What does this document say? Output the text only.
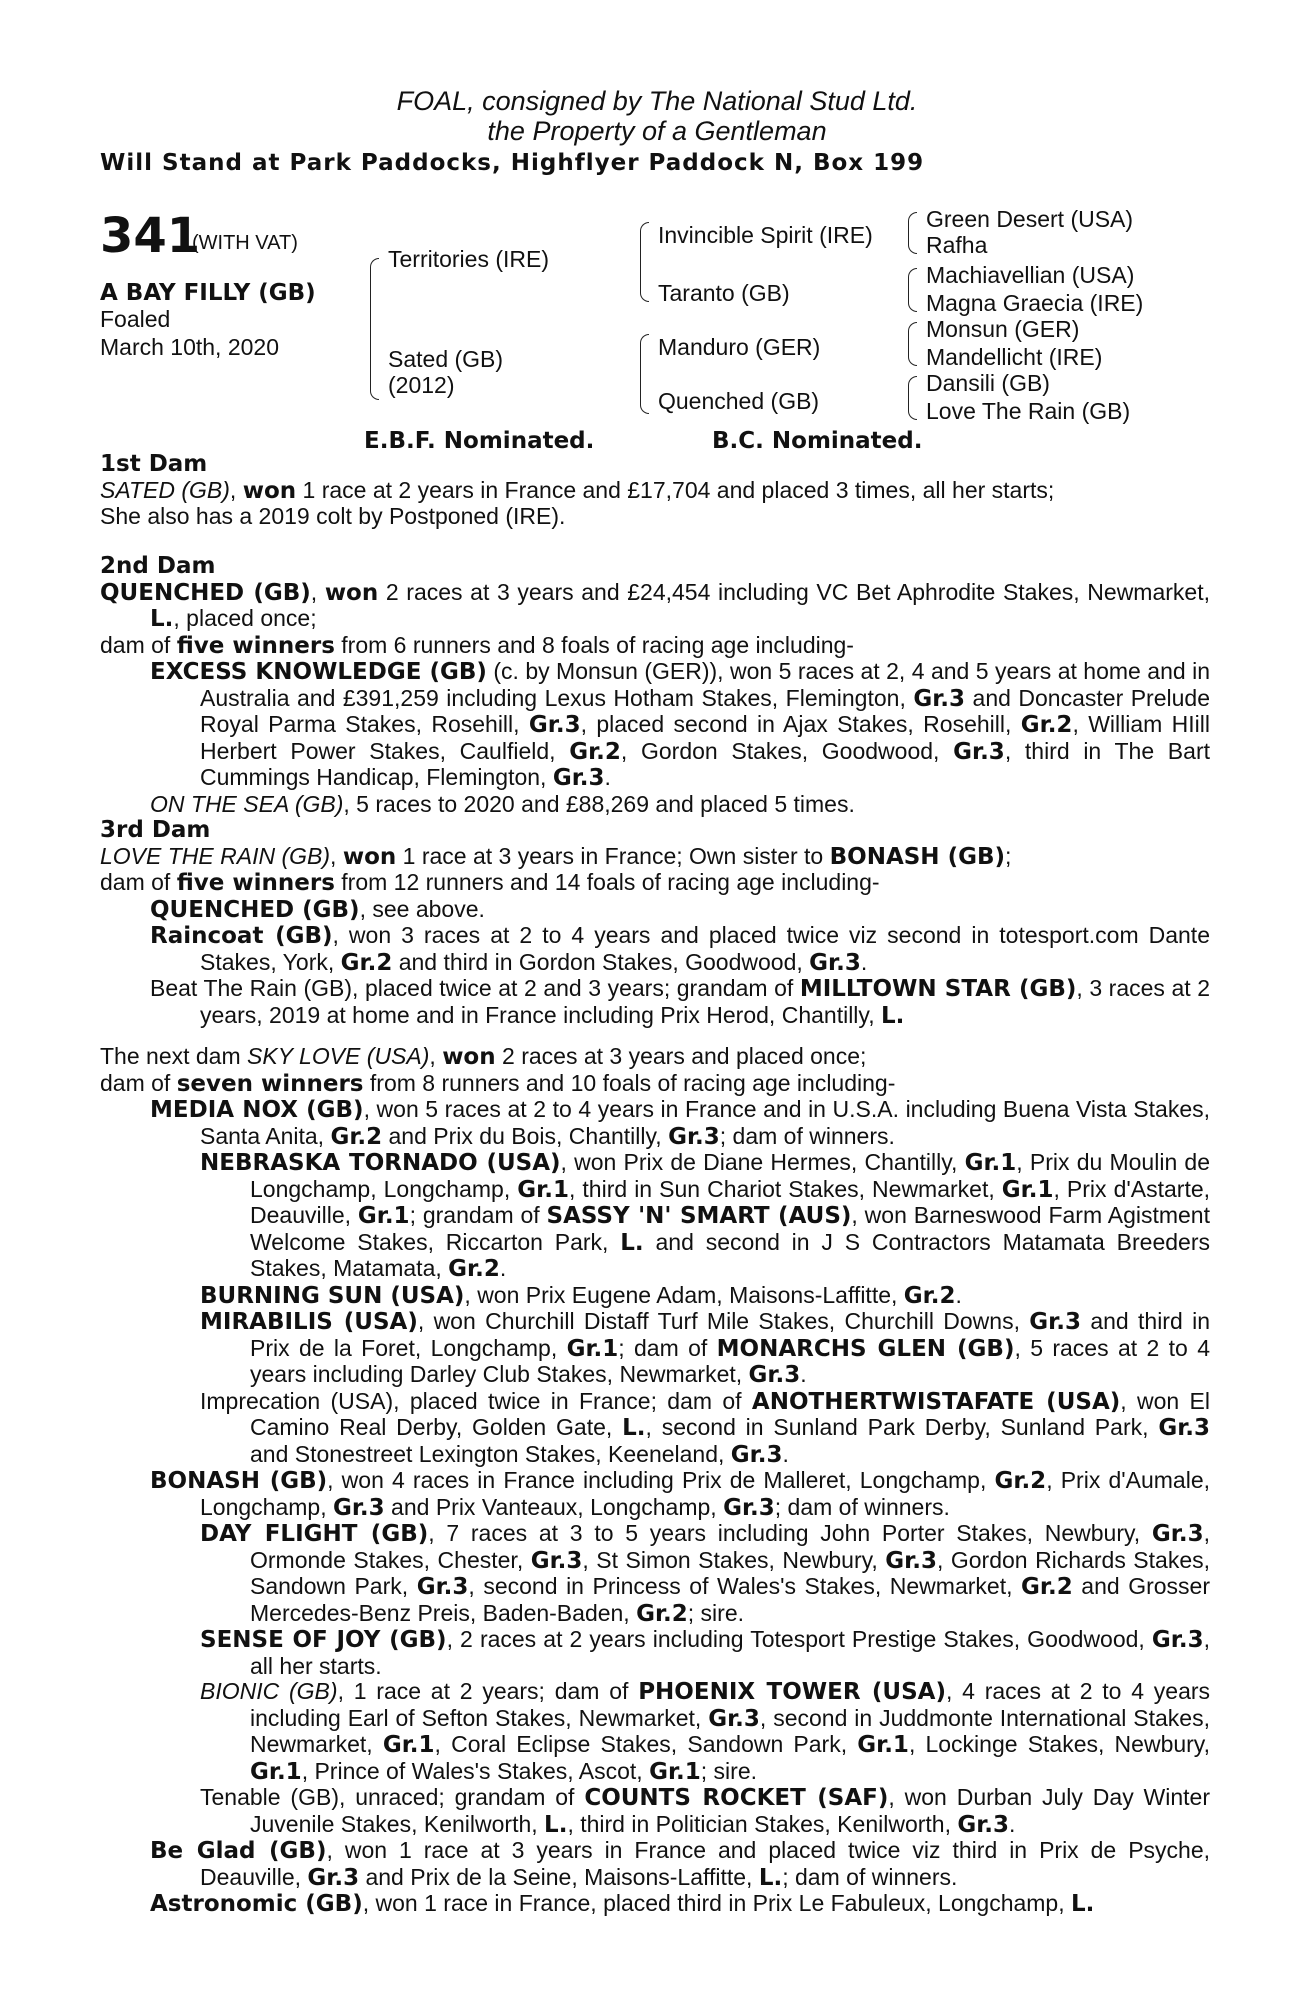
FOAL, consigned by The National Stud Ltd.
the Property of a Gentleman
Will Stand at Park Paddocks, Highflyer Paddock N, Box 199
341
(WITH VAT)
A BAY FILLY (GB)
Foaled
March 10th, 2020
Territories (IRE)
Sated (GB)
(2012)
Invincible Spirit (IRE)
Taranto (GB)
Manduro (GER)
Quenched (GB)
Green Desert (USA)
Rafha
Machiavellian (USA)
Magna Graecia (IRE)
Monsun (GER)
Mandellicht (IRE)
Dansili (GB)
Love The Rain (GB)
E.B.F. Nominated.	B.C. Nominated.

1st Dam

SATED (GB), won 1 race at 2 years in France and £17,704 and placed 3 times, all her starts;

She also has a 2019 colt by Postponed (IRE).

2nd Dam

QUENCHED (GB), won 2 races at 3 years and £24,454 including VC Bet Aphrodite Stakes, Newmarket, L., placed once;

dam of five winners from 6 runners and 8 foals of racing age including-

EXCESS KNOWLEDGE (GB) (c. by Monsun (GER)), won 5 races at 2, 4 and 5 years at home and in Australia and £391,259 including Lexus Hotham Stakes, Flemington, Gr.3 and Doncaster Prelude Royal Parma Stakes, Rosehill, Gr.3, placed second in Ajax Stakes, Rosehill, Gr.2, William HIill Herbert Power Stakes, Caulfield, Gr.2, Gordon Stakes, Goodwood, Gr.3, third in The Bart Cummings Handicap, Flemington, Gr.3.

ON THE SEA (GB), 5 races to 2020 and £88,269 and placed 5 times.

3rd Dam

LOVE THE RAIN (GB), won 1 race at 3 years in France; Own sister to BONASH (GB);

dam of five winners from 12 runners and 14 foals of racing age including-

QUENCHED (GB), see above.

Raincoat (GB), won 3 races at 2 to 4 years and placed twice viz second in totesport.com Dante Stakes, York, Gr.2 and third in Gordon Stakes, Goodwood, Gr.3.

Beat The Rain (GB), placed twice at 2 and 3 years; grandam of MILLTOWN STAR (GB), 3 races at 2 years, 2019 at home and in France including Prix Herod, Chantilly, L.

The next dam SKY LOVE (USA), won 2 races at 3 years and placed once;

dam of seven winners from 8 runners and 10 foals of racing age including-

MEDIA NOX (GB), won 5 races at 2 to 4 years in France and in U.S.A. including Buena Vista Stakes, Santa Anita, Gr.2 and Prix du Bois, Chantilly, Gr.3; dam of winners.

NEBRASKA TORNADO (USA), won Prix de Diane Hermes, Chantilly, Gr.1, Prix du Moulin de Longchamp, Longchamp, Gr.1, third in Sun Chariot Stakes, Newmarket, Gr.1, Prix d'Astarte, Deauville, Gr.1; grandam of SASSY 'N' SMART (AUS), won Barneswood Farm Agistment Welcome Stakes, Riccarton Park, L. and second in J S Contractors Matamata Breeders Stakes, Matamata, Gr.2.

BURNING SUN (USA), won Prix Eugene Adam, Maisons-Laffitte, Gr.2.

MIRABILIS (USA), won Churchill Distaff Turf Mile Stakes, Churchill Downs, Gr.3 and third in Prix de la Foret, Longchamp, Gr.1; dam of MONARCHS GLEN (GB), 5 races at 2 to 4 years including Darley Club Stakes, Newmarket, Gr.3.

Imprecation (USA), placed twice in France; dam of ANOTHERTWISTAFATE (USA), won El Camino Real Derby, Golden Gate, L., second in Sunland Park Derby, Sunland Park, Gr.3 and Stonestreet Lexington Stakes, Keeneland, Gr.3.

BONASH (GB), won 4 races in France including Prix de Malleret, Longchamp, Gr.2, Prix d'Aumale, Longchamp, Gr.3 and Prix Vanteaux, Longchamp, Gr.3; dam of winners.

DAY FLIGHT (GB), 7 races at 3 to 5 years including John Porter Stakes, Newbury, Gr.3, Ormonde Stakes, Chester, Gr.3, St Simon Stakes, Newbury, Gr.3, Gordon Richards Stakes, Sandown Park, Gr.3, second in Princess of Wales's Stakes, Newmarket, Gr.2 and Grosser Mercedes-Benz Preis, Baden-Baden, Gr.2; sire.

SENSE OF JOY (GB), 2 races at 2 years including Totesport Prestige Stakes, Goodwood, Gr.3, all her starts.

BIONIC (GB), 1 race at 2 years; dam of PHOENIX TOWER (USA), 4 races at 2 to 4 years including Earl of Sefton Stakes, Newmarket, Gr.3, second in Juddmonte International Stakes, Newmarket, Gr.1, Coral Eclipse Stakes, Sandown Park, Gr.1, Lockinge Stakes, Newbury, Gr.1, Prince of Wales's Stakes, Ascot, Gr.1; sire.

Tenable (GB), unraced; grandam of COUNTS ROCKET (SAF), won Durban July Day Winter Juvenile Stakes, Kenilworth, L., third in Politician Stakes, Kenilworth, Gr.3.

Be Glad (GB), won 1 race at 3 years in France and placed twice viz third in Prix de Psyche, Deauville, Gr.3 and Prix de la Seine, Maisons-Laffitte, L.; dam of winners.

Astronomic (GB), won 1 race in France, placed third in Prix Le Fabuleux, Longchamp, L.
